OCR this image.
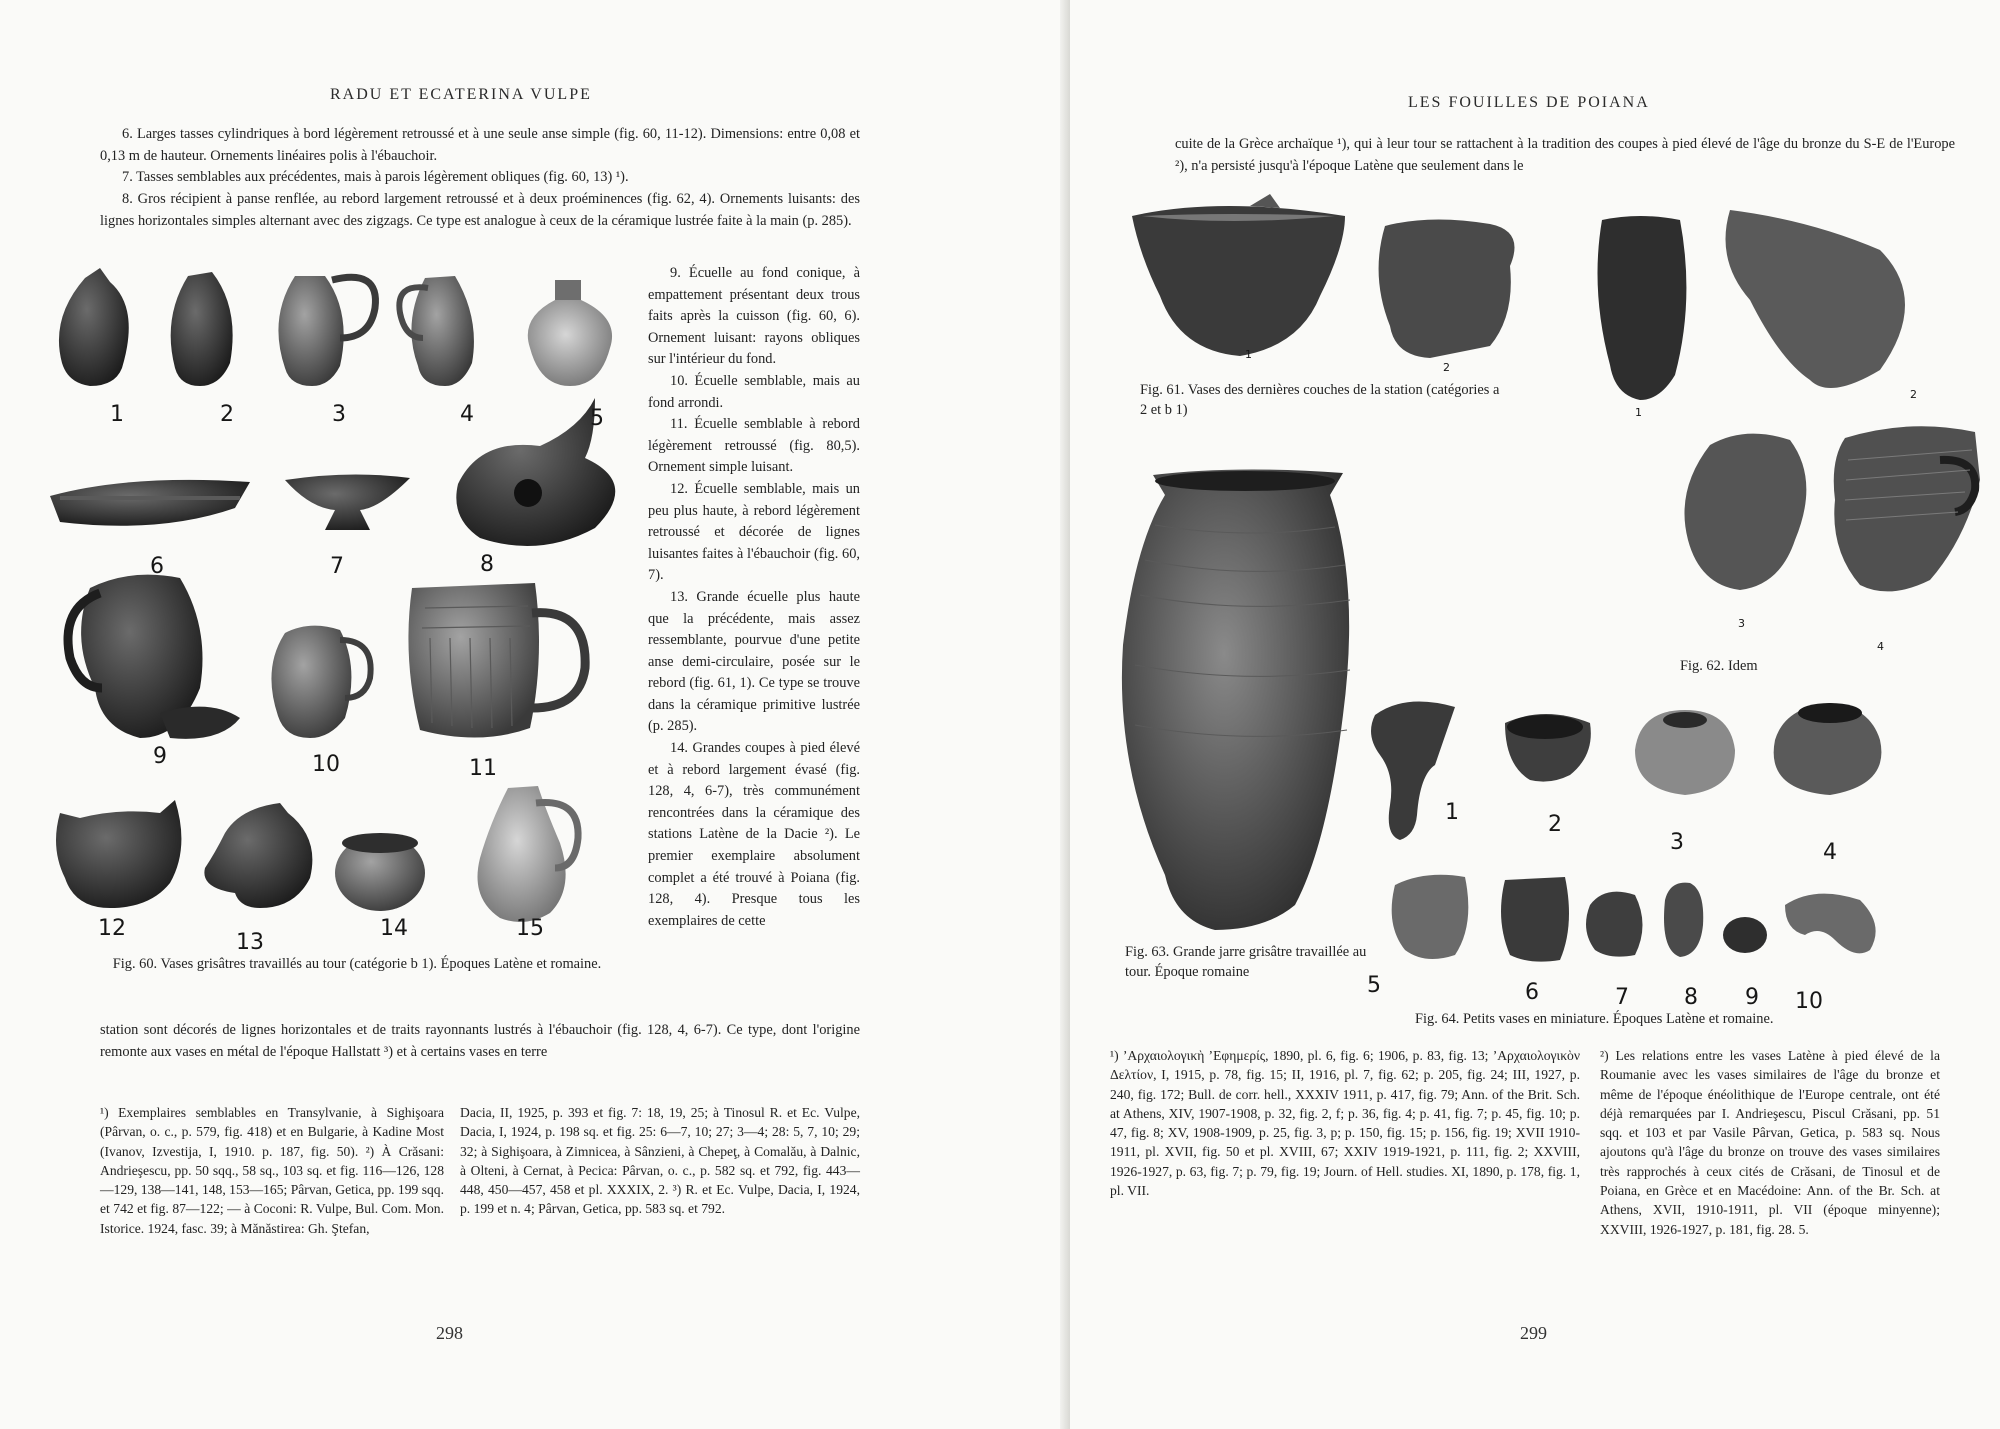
RADU ET ECATERINA VULPE

6. Larges tasses cylindriques à bord légèrement retroussé et à une seule anse simple (fig. 60, 11-12). Dimensions: entre 0,08 et 0,13 m de hauteur. Ornements linéaires polis à l'ébauchoir.

7. Tasses semblables aux précédentes, mais à parois légèrement obliques (fig. 60, 13) ¹).

8. Gros récipient à panse renflée, au rebord largement retroussé et à deux proéminences (fig. 62, 4). Ornements luisants: des lignes horizontales simples alternant avec des zigzags. Ce type est analogue à ceux de la céramique lustrée faite à la main (p. 285).

1	2	3	4	5
6	7	8
9	10	11
12
13
14	15
Fig. 60. Vases grisâtres travaillés au tour (catégorie b 1). Époques Latène et romaine.

9. Écuelle au fond conique, à empattement présentant deux trous faits après la cuisson (fig. 60, 6). Ornement luisant: rayons obliques sur l'intérieur du fond.

10. Écuelle semblable, mais au fond arrondi.

11. Écuelle semblable à rebord légèrement retroussé (fig. 80,5). Ornement simple luisant.

12. Écuelle semblable, mais un peu plus haute, à rebord légèrement retroussé et décorée de lignes luisantes faites à l'ébauchoir (fig. 60, 7).

13. Grande écuelle plus haute que la précédente, mais assez ressemblante, pourvue d'une petite anse demi-circulaire, posée sur le rebord (fig. 61, 1). Ce type se trouve dans la céramique primitive lustrée (p. 285).

14. Grandes coupes à pied élevé et à rebord largement évasé (fig. 128, 4, 6-7), très communément rencontrées dans la céramique des stations Latène de la Dacie ²). Le premier exemplaire absolument complet a été trouvé à Poiana (fig. 128, 4). Presque tous les exemplaires de cette

station sont décorés de lignes horizontales et de traits rayonnants lustrés à l'ébauchoir (fig. 128, 4, 6-7). Ce type, dont l'origine remonte aux vases en métal de l'époque Hallstatt ³) et à certains vases en terre

¹) Exemplaires semblables en Transylvanie, à Sighişoara (Pârvan, o. c., p. 579, fig. 418) et en Bulgarie, à Kadine Most (Ivanov, Izvestija, I, 1910. p. 187, fig. 50). ²) À Crăsani: Andrieşescu, pp. 50 sqq., 58 sq., 103 sq. et fig. 116—126, 128—129, 138—141, 148, 153—165; Pârvan, Getica, pp. 199 sqq. et 742 et fig. 87—122; — à Coconi: R. Vulpe, Bul. Com. Mon. Istorice. 1924, fasc. 39; à Mănăstirea: Gh. Ştefan,
Dacia, II, 1925, p. 393 et fig. 7: 18, 19, 25; à Tinosul R. et Ec. Vulpe, Dacia, I, 1924, p. 198 sq. et fig. 25: 6—7, 10; 27; 3—4; 28: 5, 7, 10; 29; 32; à Sighişoara, à Zimnicea, à Sânzieni, à Chepeţ, à Comalău, à Dalnic, à Olteni, à Cernat, à Pecica: Pârvan, o. c., p. 582 sq. et 792, fig. 443—448, 450—457, 458 et pl. XXXIX, 2. ³) R. et Ec. Vulpe, Dacia, I, 1924, p. 199 et n. 4; Pârvan, Getica, pp. 583 sq. et 792.
298
LES FOUILLES DE POIANA

cuite de la Grèce archaïque ¹), qui à leur tour se rattachent à la tradition des coupes à pied élevé de l'âge du bronze du S-E de l'Europe ²), n'a persisté jusqu'à l'époque Latène que seulement dans le

1
2
Fig. 61. Vases des dernières couches de la station (catégories a 2 et b 1)	1
2
3
4
Fig. 62. Idem
Fig. 63. Grande jarre grisâtre travaillée au tour. Époque romaine
1	2
3	4
5	6	7	8 9 10
Fig. 64. Petits vases en miniature. Époques Latène et romaine.
¹) ʼΑρχαιολογικὴ ʼΕφημερίς, 1890, pl. 6, fig. 6; 1906, p. 83, fig. 13; ʼΑρχαιολογικὸν Δελτίον, I, 1915, p. 78, fig. 15; II, 1916, pl. 7, fig. 62; p. 205, fig. 24; III, 1927, p. 240, fig. 172; Bull. de corr. hell., XXXIV 1911, p. 417, fig. 79; Ann. of the Brit. Sch. at Athens, XIV, 1907-1908, p. 32, fig. 2, f; p. 36, fig. 4; p. 41, fig. 7; p. 45, fig. 10; p. 47, fig. 8; XV, 1908-1909, p. 25, fig. 3, p; p. 150, fig. 15; p. 156, fig. 19; XVII 1910-1911, pl. XVII, fig. 50 et pl. XVIII, 67; XXIV 1919-1921, p. 111, fig. 2; XXVIII, 1926-1927, p. 63, fig. 7; p. 79, fig. 19; Journ. of Hell. studies. XI, 1890, p. 178, fig. 1, pl. VII.
²) Les relations entre les vases Latène à pied élevé de la Roumanie avec les vases similaires de l'âge du bronze et même de l'époque énéolithique de l'Europe centrale, ont été déjà remarquées par I. Andrieşescu, Piscul Crăsani, pp. 51 sqq. et 103 et par Vasile Pârvan, Getica, p. 583 sq. Nous ajoutons qu'à l'âge du bronze on trouve des vases similaires très rapprochés à ceux cités de Crăsani, de Tinosul et de Poiana, en Grèce et en Macédoine: Ann. of the Br. Sch. at Athens, XVII, 1910-1911, pl. VII (époque minyenne); XXVIII, 1926-1927, p. 181, fig. 28. 5.
299
